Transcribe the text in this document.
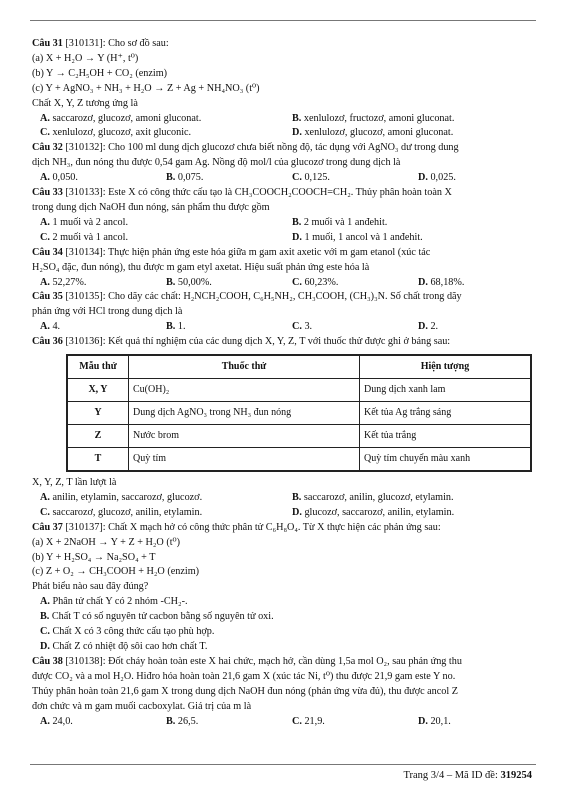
Câu 31 [310131]: Cho sơ đồ sau:
(a) X + H₂O → Y (H⁺, t⁰)
(b) Y → C₂H₅OH + CO₂ (enzim)
(c) Y + AgNO₃ + NH₃ + H₂O → Z + Ag + NH₄NO₃ (t⁰)
Chất X, Y, Z tương ứng là
A. saccarozơ, glucozơ, amoni gluconat.	B. xenlulozơ, fructozơ, amoni gluconat.
C. xenlulozơ, glucozơ, axit gluconic.	D. xenlulozơ, glucozơ, amoni gluconat.
Câu 32 [310132]: Cho 100 ml dung dịch glucozơ chưa biết nồng độ, tác dụng với AgNO₃ dư trong dung
dịch NH₃, đun nóng thu được 0,54 gam Ag. Nồng độ mol/l của glucozơ trong dung dịch là
A. 0,050.	B. 0,075.	C. 0,125.	D. 0,025.
Câu 33 [310133]: Este X có công thức cấu tạo là CH₃COOCH₂COOCH=CH₂. Thủy phân hoàn toàn X
trong dung dịch NaOH đun nóng, sản phẩm thu được gồm
A. 1 muối và 2 ancol.	B. 2 muối và 1 anđehit.
C. 2 muối và 1 ancol.	D. 1 muối, 1 ancol và 1 anđehit.
Câu 34 [310134]: Thực hiện phản ứng este hóa giữa m gam axit axetic với m gam etanol (xúc tác
H₂SO₄ đặc, đun nóng), thu được m gam etyl axetat. Hiệu suất phản ứng este hóa là
A. 52,27%.	B. 50,00%.	C. 60,23%.	D. 68,18%.
Câu 35 [310135]: Cho dãy các chất: H₂NCH₂COOH, C₆H₅NH₂, CH₃COOH, (CH₃)₃N. Số chất trong dãy
phản ứng với HCl trong dung dịch là
A. 4.	B. 1.	C. 3.	D. 2.
Câu 36 [310136]: Kết quả thí nghiệm của các dung dịch X, Y, Z, T với thuốc thử được ghi ở bảng sau:
Mẫu thử	Thuốc thử	Hiện tượng
X, Y	Cu(OH)₂	Dung dịch xanh lam
Y	Dung dịch AgNO₃ trong NH₃ đun nóng	Kết tủa Ag trắng sáng
Z	Nước brom	Kết tủa trắng
T	Quỳ tím	Quỳ tím chuyển màu xanh
X, Y, Z, T lần lượt là
A. anilin, etylamin, saccarozơ, glucozơ.	B. saccarozơ, anilin, glucozơ, etylamin.
C. saccarozơ, glucozơ, anilin, etylamin.	D. glucozơ, saccarozơ, anilin, etylamin.
Câu 37 [310137]: Chất X mạch hở có công thức phân tử C₆H₈O₄. Từ X thực hiện các phản ứng sau:
(a) X + 2NaOH → Y + Z + H₂O (t⁰)
(b) Y + H₂SO₄ → Na₂SO₄ + T
(c) Z + O₂ → CH₃COOH + H₂O (enzim)
Phát biểu nào sau đây đúng?
A. Phân tử chất Y có 2 nhóm -CH₂-.
B. Chất T có số nguyên tử cacbon bằng số nguyên tử oxi.
C. Chất X có 3 công thức cấu tạo phù hợp.
D. Chất Z có nhiệt độ sôi cao hơn chất T.
Câu 38 [310138]: Đốt cháy hoàn toàn este X hai chức, mạch hở, cần dùng 1,5a mol O₂, sau phản ứng thu
được CO₂ và a mol H₂O. Hiđro hóa hoàn toàn 21,6 gam X (xúc tác Ni, t⁰) thu được 21,9 gam este Y no.
Thủy phân hoàn toàn 21,6 gam X trong dung dịch NaOH đun nóng (phản ứng vừa đủ), thu được ancol Z
đơn chức và m gam muối cacboxylat. Giá trị của m là
A. 24,0.	B. 26,5.	C. 21,9.	D. 20,1.
Trang 3/4 – Mã ID đề: 319254
